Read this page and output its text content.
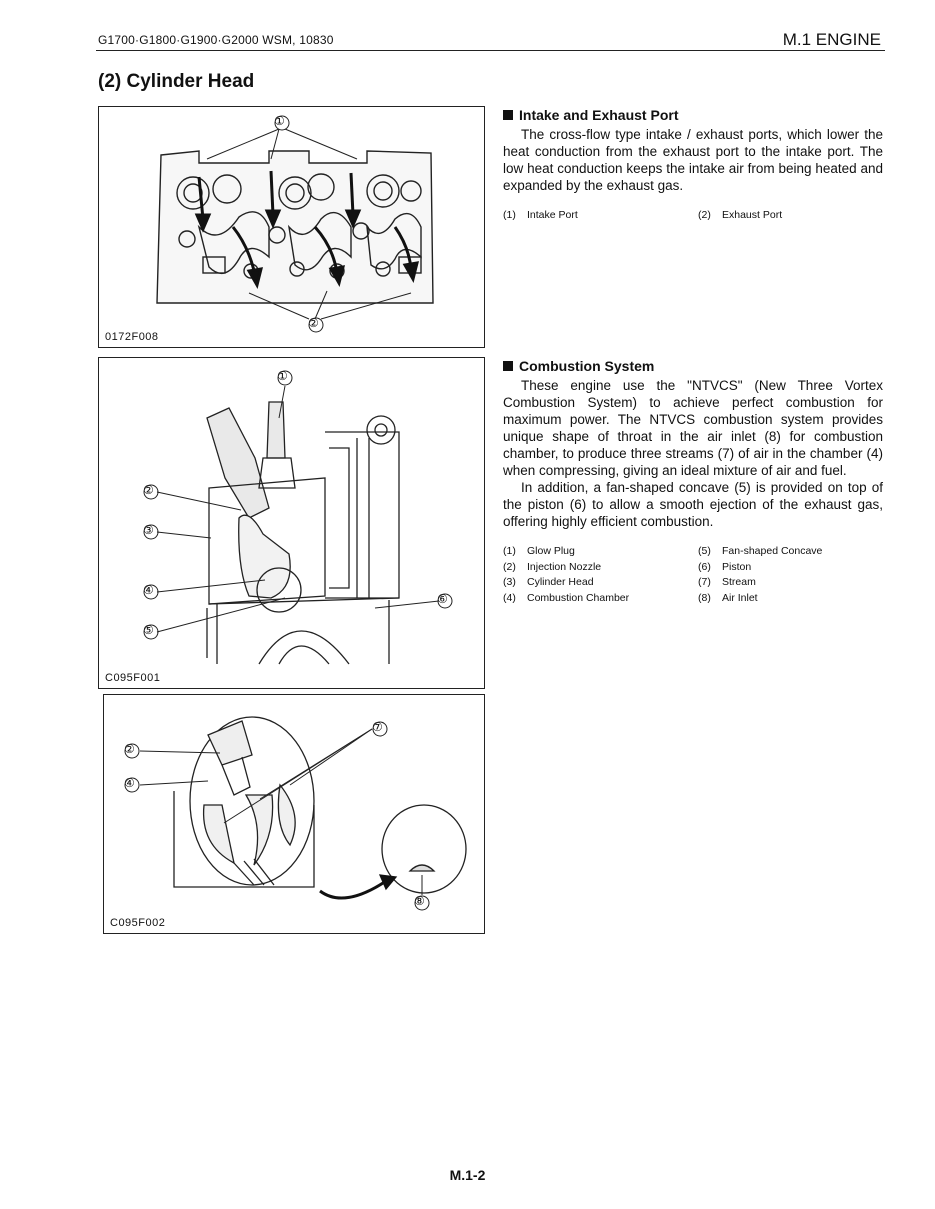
G1700·G1800·G1900·G2000 WSM, 10830	M.1 ENGINE
(2) Cylinder Head
①
②
0172F008
①
②
③
④
⑤
⑥
C095F001
②
④
⑦
⑧
C095F002

Intake and Exhaust Port

The cross-flow type intake / exhaust ports, which lower the heat conduction from the exhaust port to the intake port. The low heat conduction keeps the intake air from being heated and expanded by the exhaust gas.

(1) Intake Port	(2) Exhaust Port

Combustion System

These engine use the "NTVCS" (New Three Vortex Combustion System) to achieve perfect combustion for maximum power. The NTVCS combustion system provides unique shape of throat in the air inlet (8) for combustion chamber, to produce three streams (7) of air in the chamber (4) when compressing, giving an ideal mixture of air and fuel.

In addition, a fan-shaped concave (5) is provided on top of the piston (6) to allow a smooth ejection of the exhaust gas, offering highly efficient combustion.

(1) Glow Plug	(5) Fan-shaped Concave
(2) Injection Nozzle	(6) Piston
(3) Cylinder Head	(7) Stream
(4) Combustion Chamber	(8) Air Inlet
M.1-2
